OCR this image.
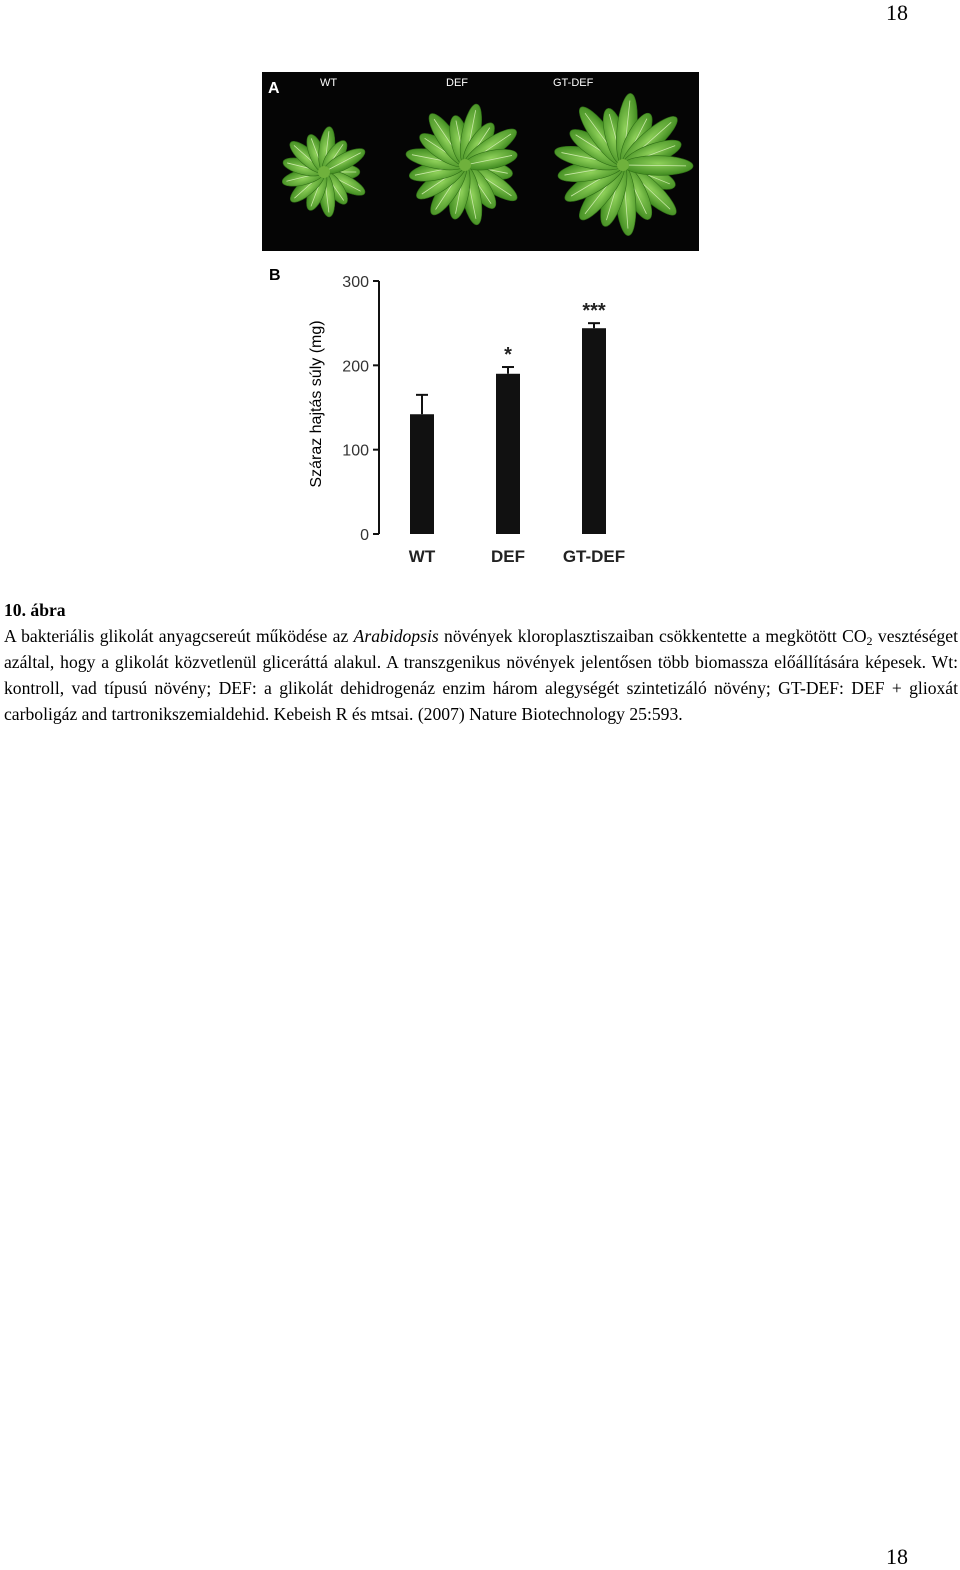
18
A	WT	DEF	GT-DEF
B
Száraz hajtás súly (mg)
0
100
200
300
WT	DEF
*
GT-DEF
***

10. ábra

A bakteriális glikolát anyagcsereút működése az Arabidopsis növények kloroplasztiszaiban csökkentette a megkötött $CO_2$ vesztéséget azáltal, hogy a glikolát közvetlenül gliceráttá alakul. A transzgenikus növények jelentősen több biomassza előállítására képesek. Wt: kontroll, vad típusú növény; DEF: a glikolát dehidrogenáz enzim három alegységét szintetizáló növény; GT-DEF: DEF + glioxát carboligáz and tartronikszemialdehid. Kebeish R és mtsai. (2007) Nature Biotechnology 25:593.

18
